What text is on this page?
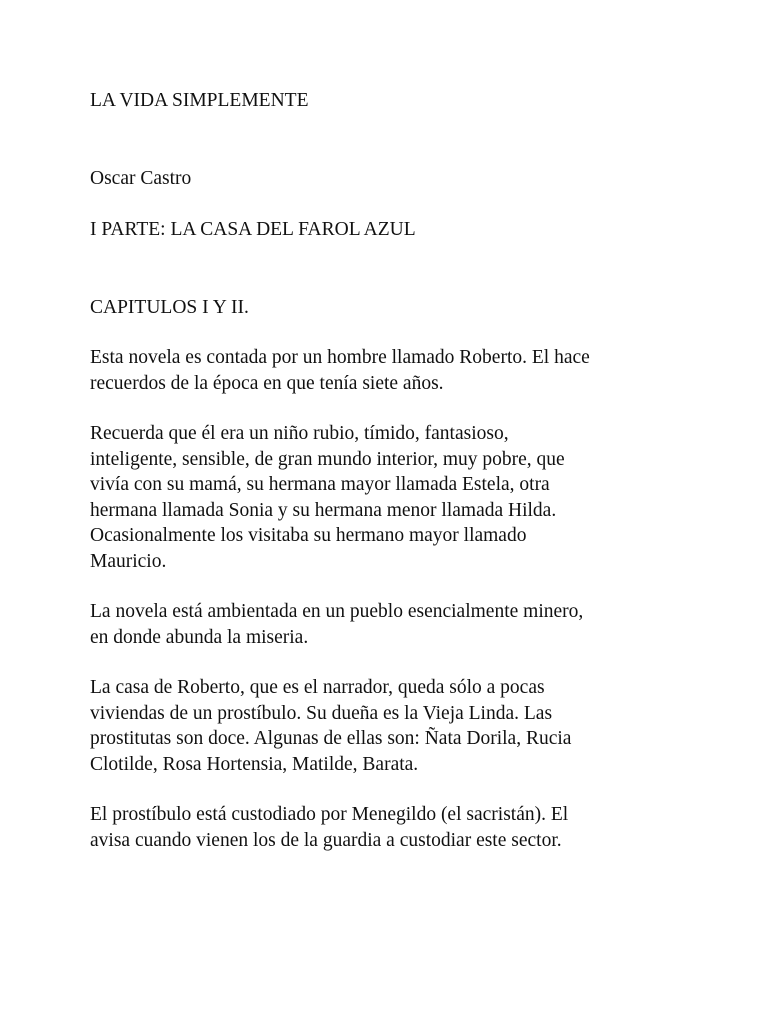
LA VIDA SIMPLEMENTE

Oscar Castro

I PARTE: LA CASA DEL FAROL AZUL

CAPITULOS I Y II.

Esta novela es contada por un hombre llamado Roberto. El hace

recuerdos de la época en que tenía siete años.

Recuerda que él era un niño rubio, tímido, fantasioso,

inteligente, sensible, de gran mundo interior, muy pobre, que

vivía con su mamá, su hermana mayor llamada Estela, otra

hermana llamada Sonia y su hermana menor llamada Hilda.

Ocasionalmente los visitaba su hermano mayor llamado

Mauricio.

La novela está ambientada en un pueblo esencialmente minero,

en donde abunda la miseria.

La casa de Roberto, que es el narrador, queda sólo a pocas

viviendas de un prostíbulo. Su dueña es la Vieja Linda. Las

prostitutas son doce. Algunas de ellas son: Ñata Dorila, Rucia

Clotilde, Rosa Hortensia, Matilde, Barata.

El prostíbulo está custodiado por Menegildo (el sacristán). El

avisa cuando vienen los de la guardia a custodiar este sector.
